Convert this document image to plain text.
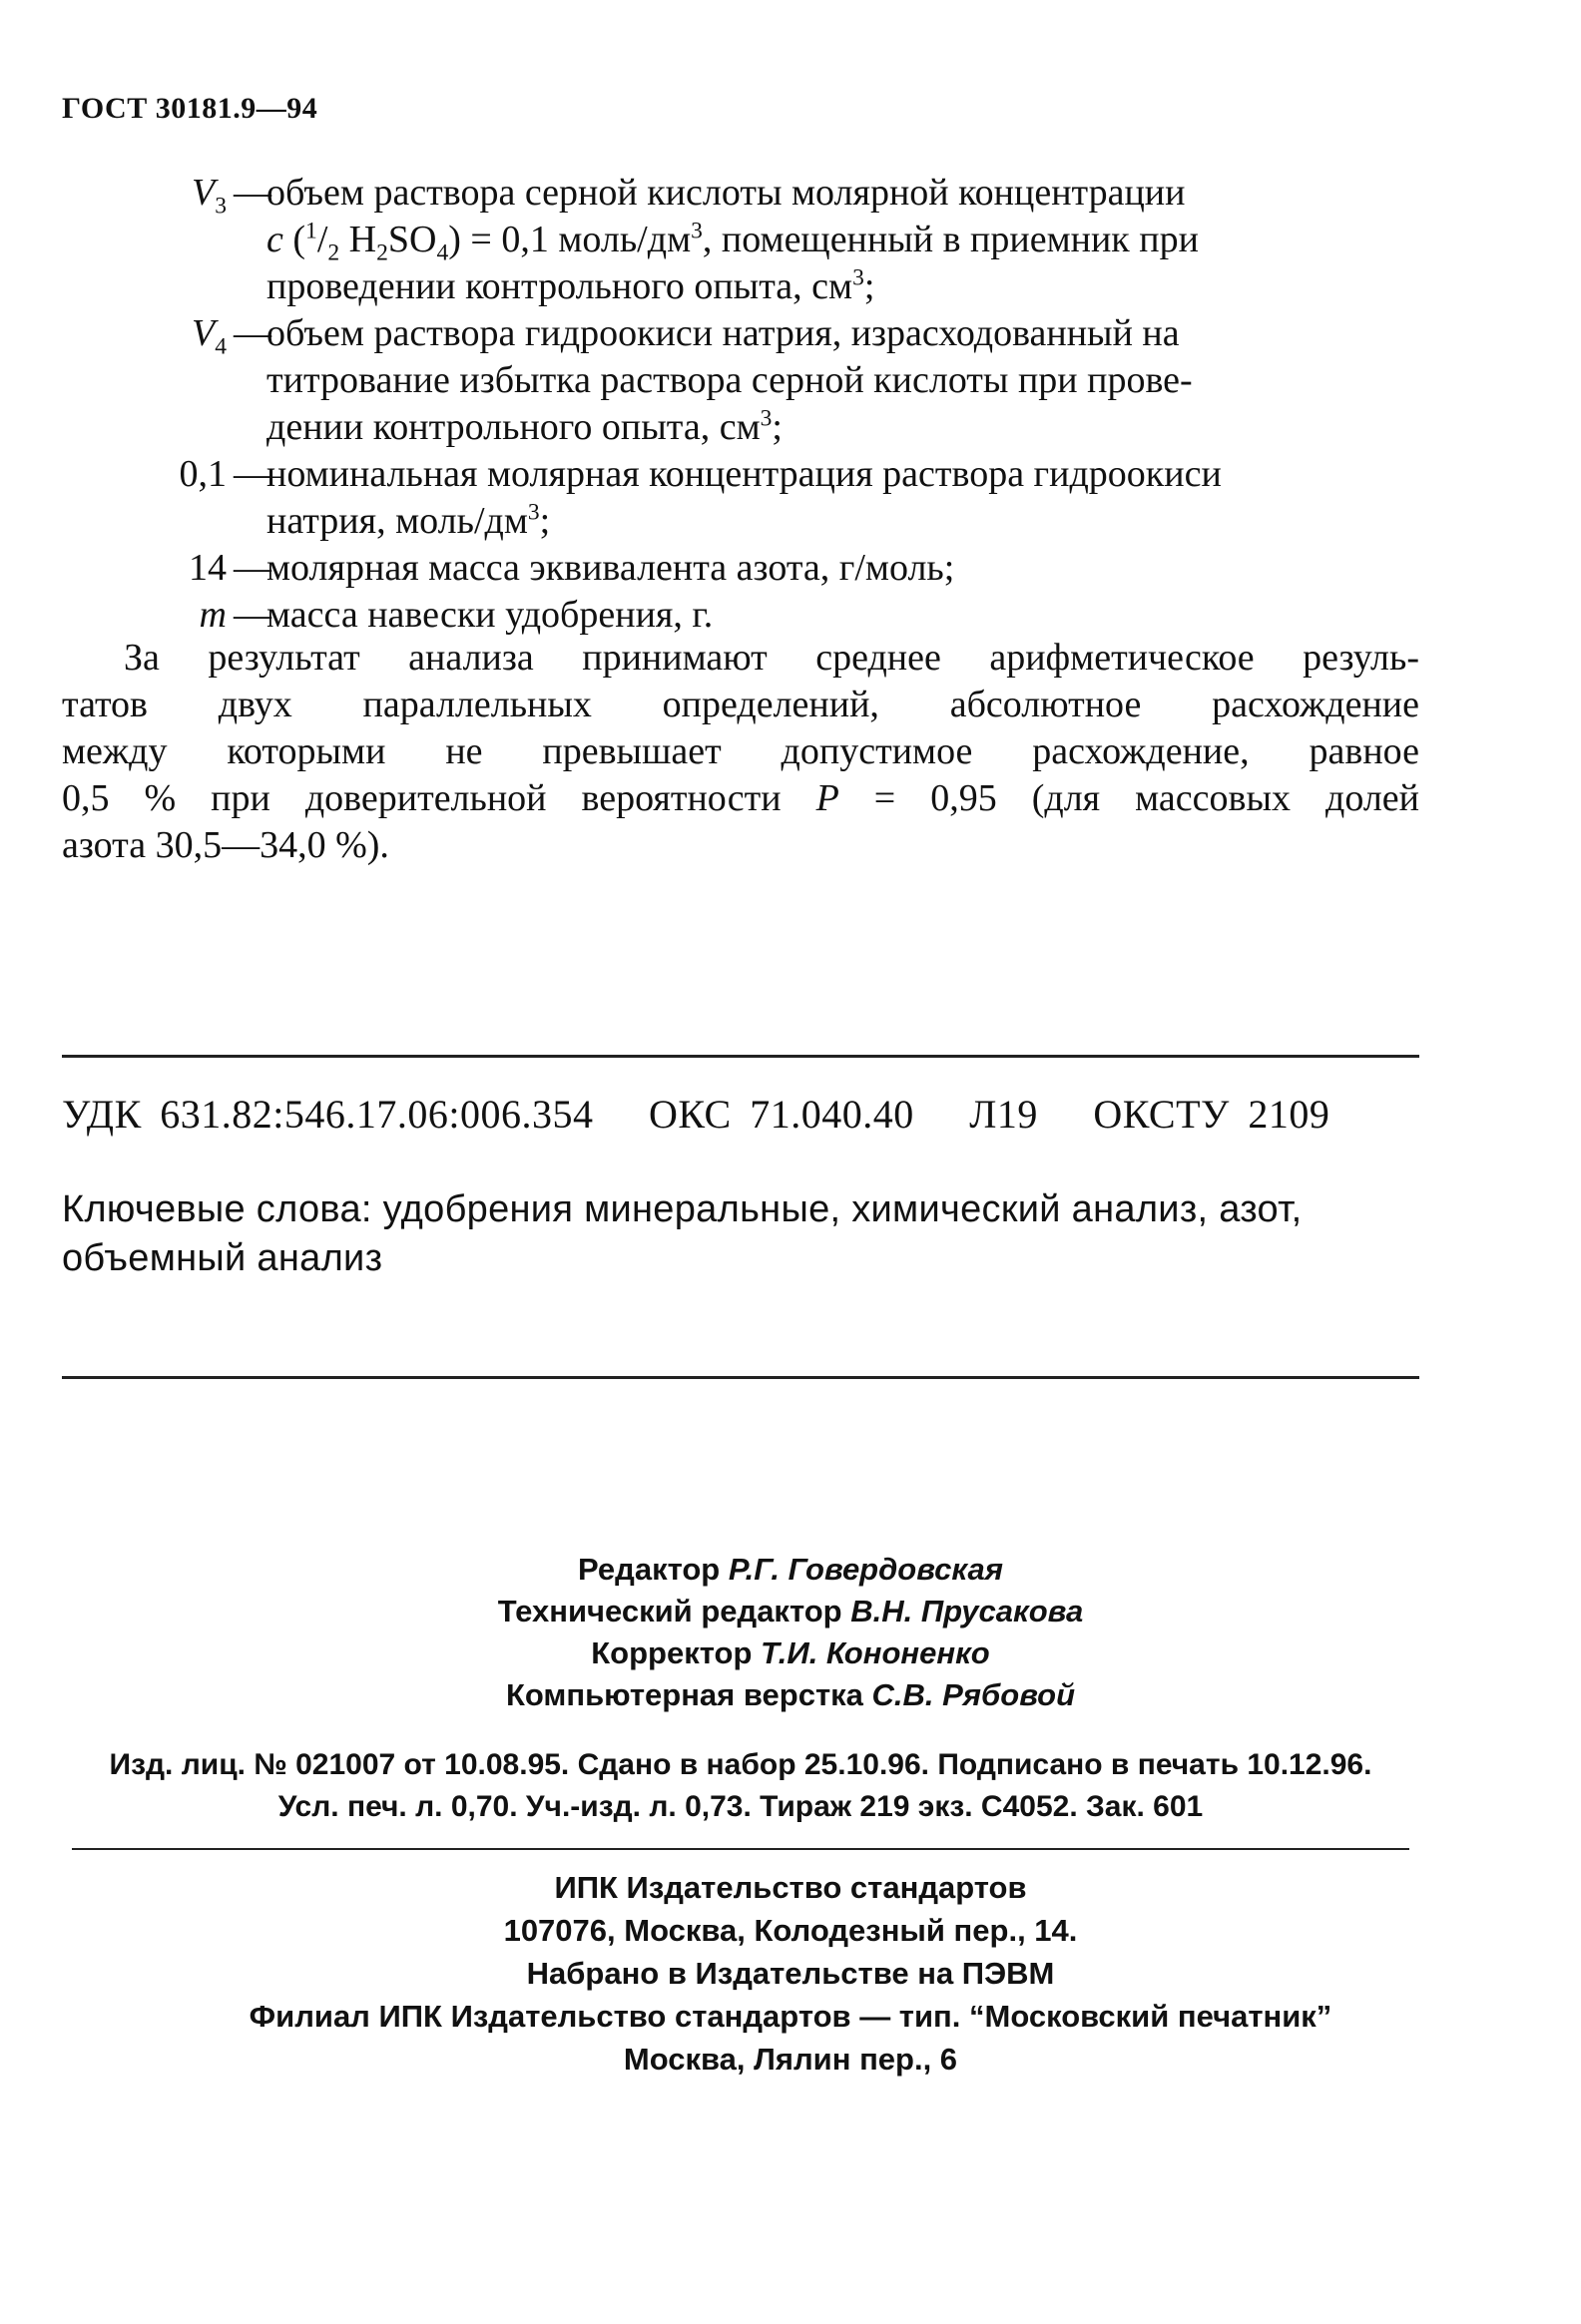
ГОСТ 30181.9—94
$V_3$ —
объем раствора серной кислоты молярной концентрации
c ($^1/_2$ $H_2SO_4) = 0,1$ моль/$дм^3$, помещенный в приемник при
проведении контрольного опыта, $см^3$;
$V_4$ —
объем раствора гидроокиси натрия, израсходованный на
титрование избытка раствора серной кислоты при прове-
дении контрольного опыта, $см^3$;
0,1 —
номинальная молярная концентрация раствора гидроокиси
натрия, моль/$дм^3$;
14 —
молярная масса эквивалента азота, г/моль;
m —
масса навески удобрения, г.
За результат анализа принимают среднее арифметическое резуль-
татов двух параллельных определений, абсолютное расхождение
между которыми не превышает допустимое расхождение, равное
0,5 % при доверительной вероятности P = 0,95 (для массовых долей
азота 30,5—34,0 %).
УДК 631.82:546.17.06:006.354   ОКС 71.040.40   Л19   ОКСТУ 2109
Ключевые слова: удобрения минеральные, химический анализ, азот,
объемный анализ
Редактор Р.Г. Говердовская
Технический редактор В.Н. Прусакова
Корректор Т.И. Кононенко
Компьютерная верстка С.В. Рябовой
Изд. лиц. № 021007 от 10.08.95. Сдано в набор 25.10.96. Подписано в печать 10.12.96.
Усл. печ. л. 0,70. Уч.-изд. л. 0,73. Тираж 219 экз. С4052. Зак. 601
ИПК Издательство стандартов
107076, Москва, Колодезный пер., 14.
Набрано в Издательстве на ПЭВМ
Филиал ИПК Издательство стандартов — тип. “Московский печатник”
Москва, Лялин пер., 6
